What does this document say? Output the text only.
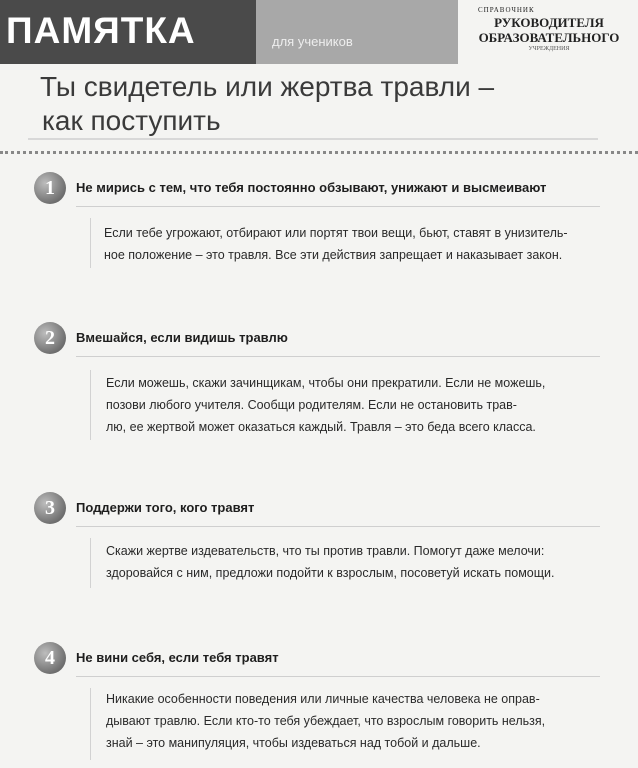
ПАМЯТКА	для учеников
СПРАВОЧНИК
РУКОВОДИТЕЛЯ
ОБРАЗОВАТЕЛЬНОГО
УЧРЕЖДЕНИЯ
Ты свидетель или жертва травли –
как поступить
1	Не мирись с тем, что тебя постоянно обзывают, унижают и высмеивают
Если тебе угрожают, отбирают или портят твои вещи, бьют, ставят в унизитель-
ное положение – это травля. Все эти действия запрещает и наказывает закон.
2	Вмешайся, если видишь травлю
Если можешь, скажи зачинщикам, чтобы они прекратили. Если не можешь,
позови любого учителя. Сообщи родителям. Если не остановить трав-
лю, ее жертвой может оказаться каждый. Травля – это беда всего класса.
3	Поддержи того, кого травят
Скажи жертве издевательств, что ты против травли. Помогут даже мелочи:
здоровайся с ним, предложи подойти к взрослым, посоветуй искать помощи.
4	Не вини себя, если тебя травят
Никакие особенности поведения или личные качества человека не оправ-
дывают травлю. Если кто-то тебя убеждает, что взрослым говорить нельзя,
знай – это манипуляция, чтобы издеваться над тобой и дальше.
